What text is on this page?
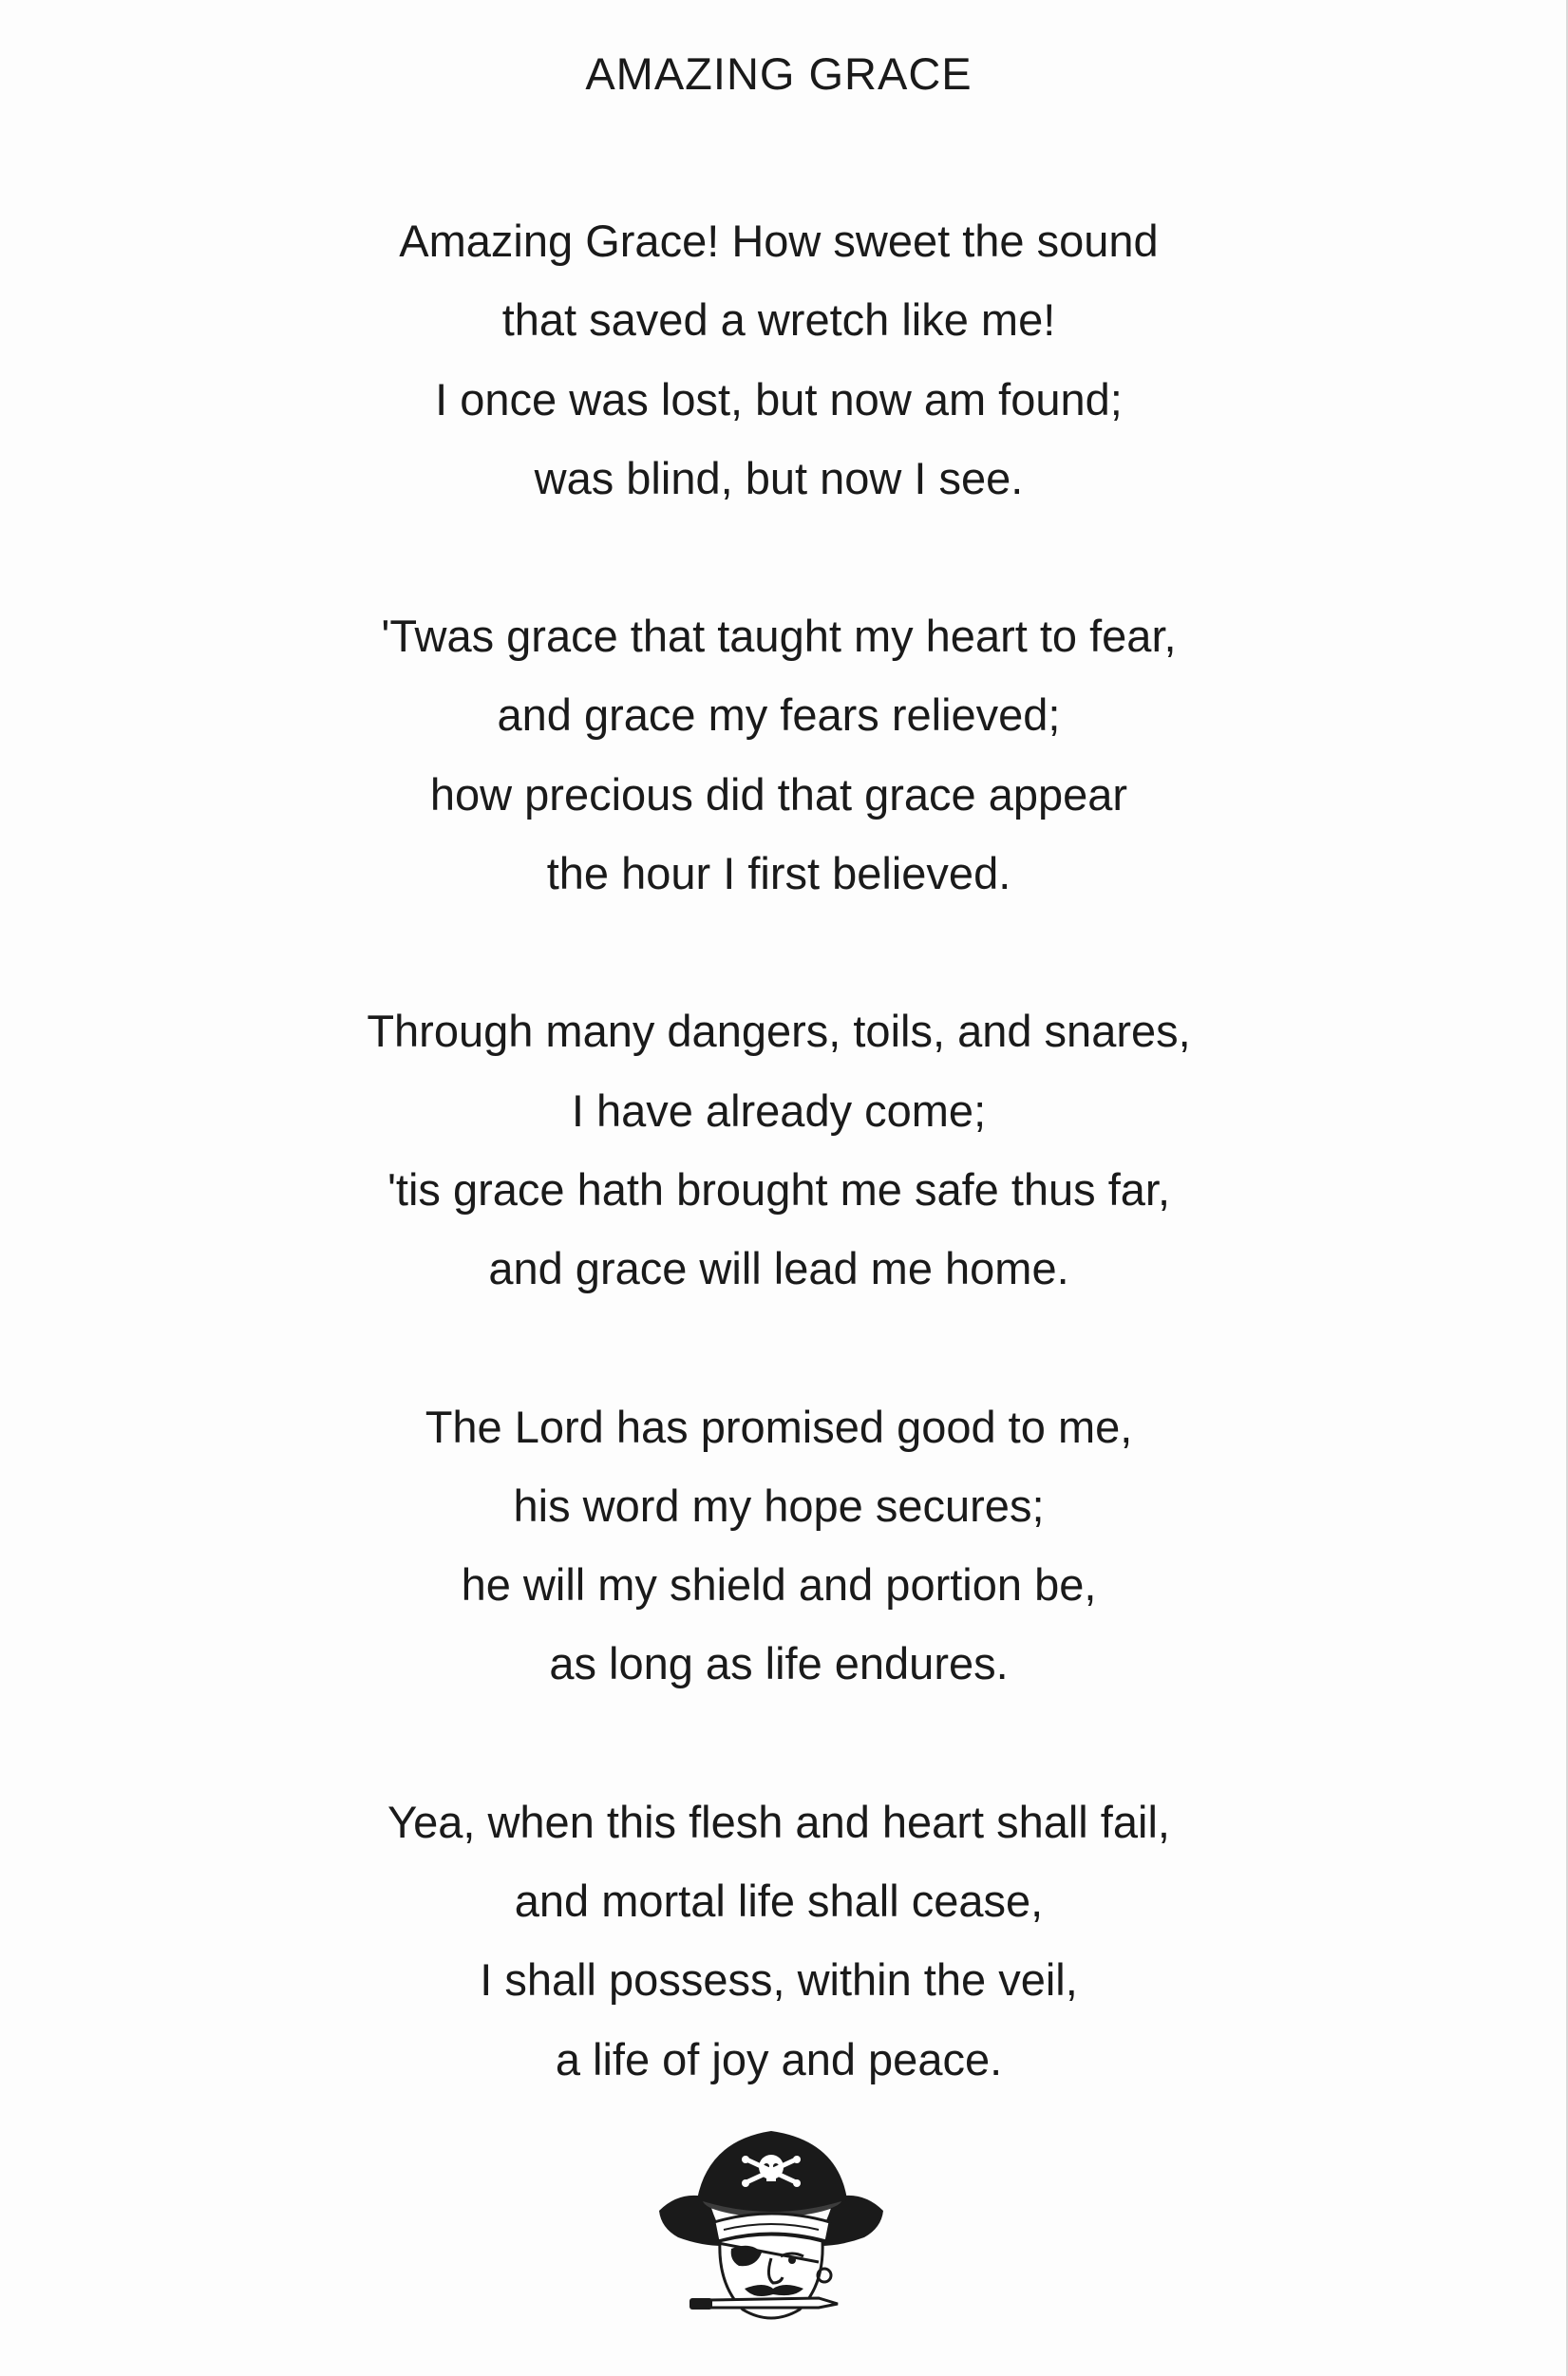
AMAZING GRACE
Amazing Grace! How sweet the sound
that saved a wretch like me!
I once was lost, but now am found;
was blind, but now I see.
'Twas grace that taught my heart to fear,
and grace my fears relieved;
how precious did that grace appear
the hour I first believed.
Through many dangers, toils, and snares,
I have already come;
'tis grace hath brought me safe thus far,
and grace will lead me home.
The Lord has promised good to me,
his word my hope secures;
he will my shield and portion be,
as long as life endures.
Yea, when this flesh and heart shall fail,
and mortal life shall cease,
I shall possess, within the veil,
a life of joy and peace.
